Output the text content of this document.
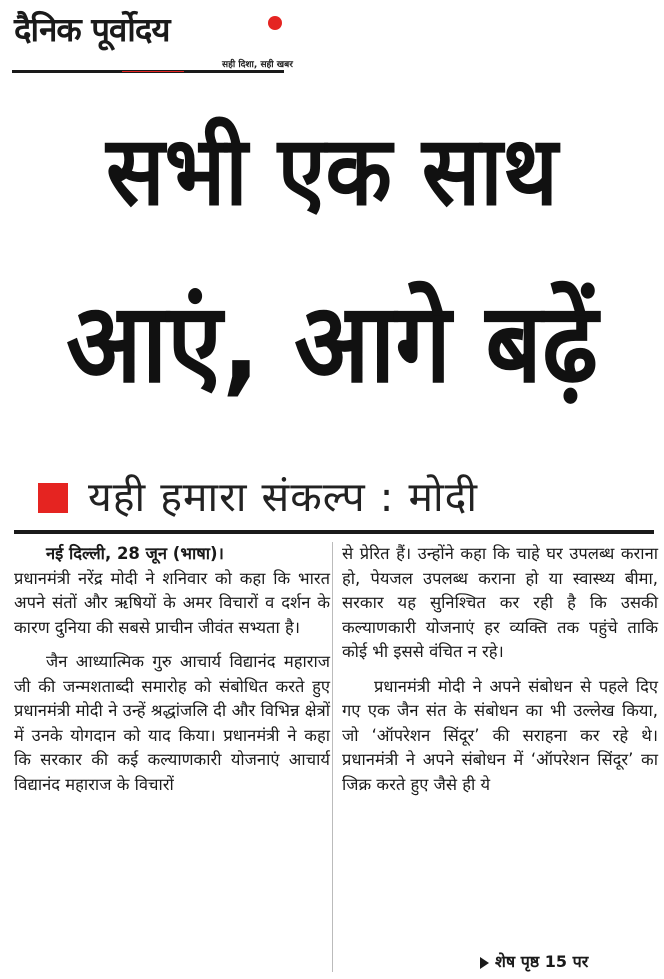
दैनिक पूर्वोदय
सही दिशा, सही खबर
सभी एक साथ
आएं, आगे बढ़ें
यही हमारा संकल्प : मोदी

नई दिल्ली, 28 जून (भाषा)।
प्रधानमंत्री नरेंद्र मोदी ने शनिवार को कहा कि भारत अपने संतों और ऋषियों के अमर विचारों व दर्शन के कारण दुनिया की सबसे प्राचीन जीवंत सभ्यता है।

जैन आध्यात्मिक गुरु आचार्य विद्यानंद महाराज जी की जन्मशताब्दी समारोह को संबोधित करते हुए प्रधानमंत्री मोदी ने उन्हें श्रद्धांजलि दी और विभिन्न क्षेत्रों में उनके योगदान को याद किया। प्रधानमंत्री ने कहा कि सरकार की कई कल्याणकारी योजनाएं आचार्य विद्यानंद महाराज के विचारों

से प्रेरित हैं। उन्होंने कहा कि चाहे घर उपलब्ध कराना हो, पेयजल उपलब्ध कराना हो या स्वास्थ्य बीमा, सरकार यह सुनिश्चित कर रही है कि उसकी कल्याणकारी योजनाएं हर व्यक्ति तक पहुंचे ताकि कोई भी इससे वंचित न रहे।

प्रधानमंत्री मोदी ने अपने संबोधन से पहले दिए गए एक जैन संत के संबोधन का भी उल्लेख किया, जो ‘ऑपरेशन सिंदूर’ की सराहना कर रहे थे। प्रधानमंत्री ने अपने संबोधन में ‘ऑपरेशन सिंदूर’ का जिक्र करते हुए जैसे ही ये

शेष पृष्ठ 15 पर
